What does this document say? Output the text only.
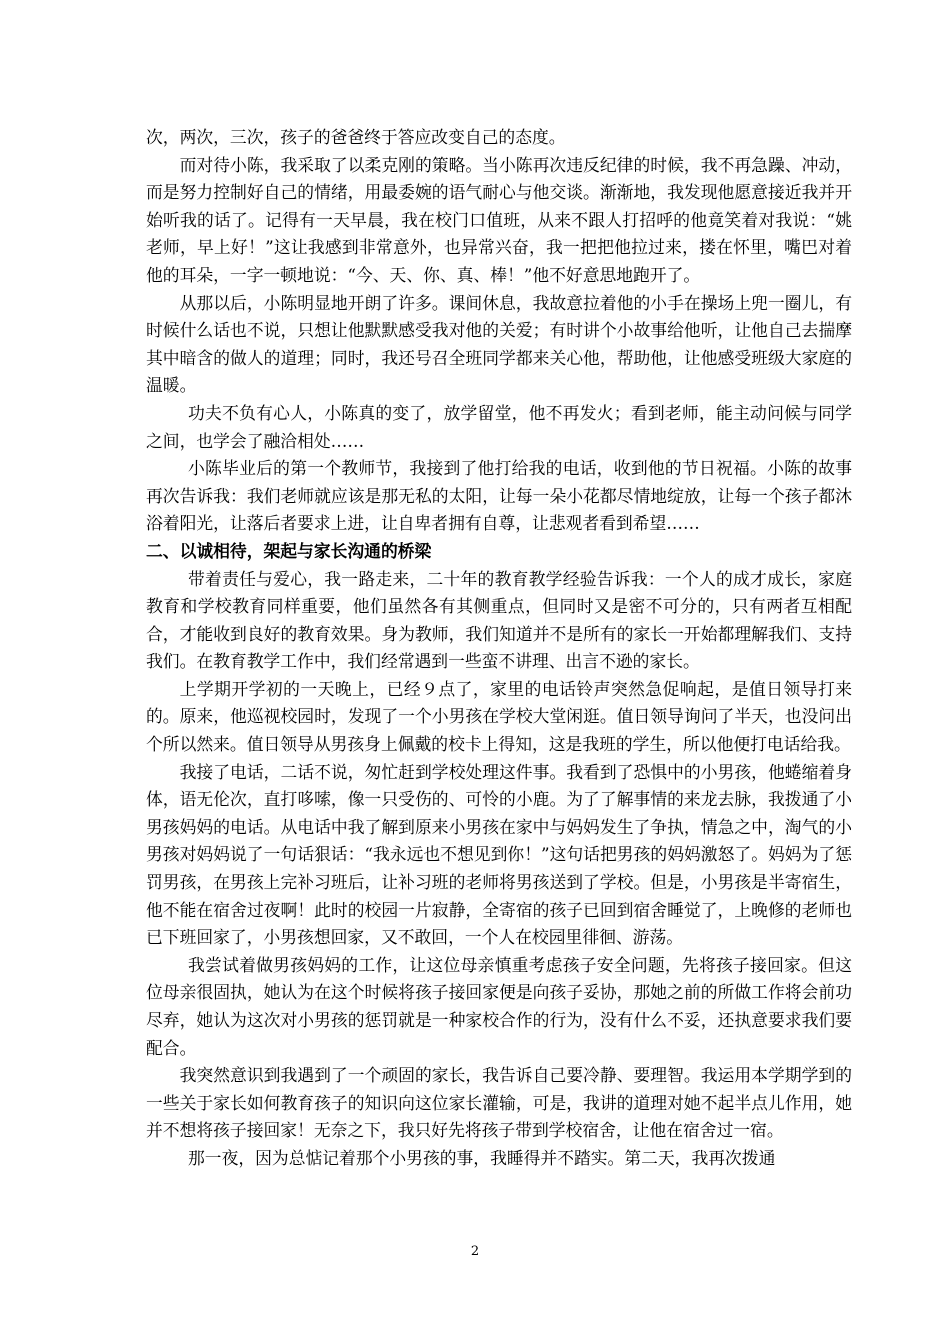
次，两次，三次，孩子的爸爸终于答应改变自己的态度。

而对待小陈，我采取了以柔克刚的策略。当小陈再次违反纪律的时候，我不再急躁、冲动，而是努力控制好自己的情绪，用最委婉的语气耐心与他交谈。渐渐地，我发现他愿意接近我并开始听我的话了。记得有一天早晨，我在校门口值班，从来不跟人打招呼的他竟笑着对我说：“姚老师，早上好！”这让我感到非常意外，也异常兴奋，我一把把他拉过来，搂在怀里，嘴巴对着他的耳朵，一字一顿地说：“今、天、你、真、棒！”他不好意思地跑开了。

从那以后，小陈明显地开朗了许多。课间休息，我故意拉着他的小手在操场上兜一圈儿，有时候什么话也不说，只想让他默默感受我对他的关爱；有时讲个小故事给他听，让他自己去揣摩其中暗含的做人的道理；同时，我还号召全班同学都来关心他，帮助他，让他感受班级大家庭的温暖。

功夫不负有心人，小陈真的变了，放学留堂，他不再发火；看到老师，能主动问候与同学之间，也学会了融洽相处……

小陈毕业后的第一个教师节，我接到了他打给我的电话，收到他的节日祝福。小陈的故事再次告诉我：我们老师就应该是那无私的太阳，让每一朵小花都尽情地绽放，让每一个孩子都沐浴着阳光，让落后者要求上进，让自卑者拥有自尊，让悲观者看到希望……

二、以诚相待，架起与家长沟通的桥梁

带着责任与爱心，我一路走来，二十年的教育教学经验告诉我：一个人的成才成长，家庭教育和学校教育同样重要，他们虽然各有其侧重点，但同时又是密不可分的，只有两者互相配合，才能收到良好的教育效果。身为教师，我们知道并不是所有的家长一开始都理解我们、支持我们。在教育教学工作中，我们经常遇到一些蛮不讲理、出言不逊的家长。

上学期开学初的一天晚上，已经９点了，家里的电话铃声突然急促响起，是值日领导打来的。原来，他巡视校园时，发现了一个小男孩在学校大堂闲逛。值日领导询问了半天，也没问出个所以然来。值日领导从男孩身上佩戴的校卡上得知，这是我班的学生，所以他便打电话给我。

我接了电话，二话不说，匆忙赶到学校处理这件事。我看到了恐惧中的小男孩，他蜷缩着身体，语无伦次，直打哆嗦，像一只受伤的、可怜的小鹿。为了了解事情的来龙去脉，我拨通了小男孩妈妈的电话。从电话中我了解到原来小男孩在家中与妈妈发生了争执，情急之中，淘气的小男孩对妈妈说了一句话狠话：“我永远也不想见到你！”这句话把男孩的妈妈激怒了。妈妈为了惩罚男孩，在男孩上完补习班后，让补习班的老师将男孩送到了学校。但是，小男孩是半寄宿生，他不能在宿舍过夜啊！此时的校园一片寂静，全寄宿的孩子已回到宿舍睡觉了，上晚修的老师也已下班回家了，小男孩想回家，又不敢回，一个人在校园里徘徊、游荡。

我尝试着做男孩妈妈的工作，让这位母亲慎重考虑孩子安全问题，先将孩子接回家。但这位母亲很固执，她认为在这个时候将孩子接回家便是向孩子妥协，那她之前的所做工作将会前功尽弃，她认为这次对小男孩的惩罚就是一种家校合作的行为，没有什么不妥，还执意要求我们要配合。

我突然意识到我遇到了一个顽固的家长，我告诉自己要冷静、要理智。我运用本学期学到的一些关于家长如何教育孩子的知识向这位家长灌输，可是，我讲的道理对她不起半点儿作用，她并不想将孩子接回家！无奈之下，我只好先将孩子带到学校宿舍，让他在宿舍过一宿。

那一夜，因为总惦记着那个小男孩的事，我睡得并不踏实。第二天，我再次拨通

2
